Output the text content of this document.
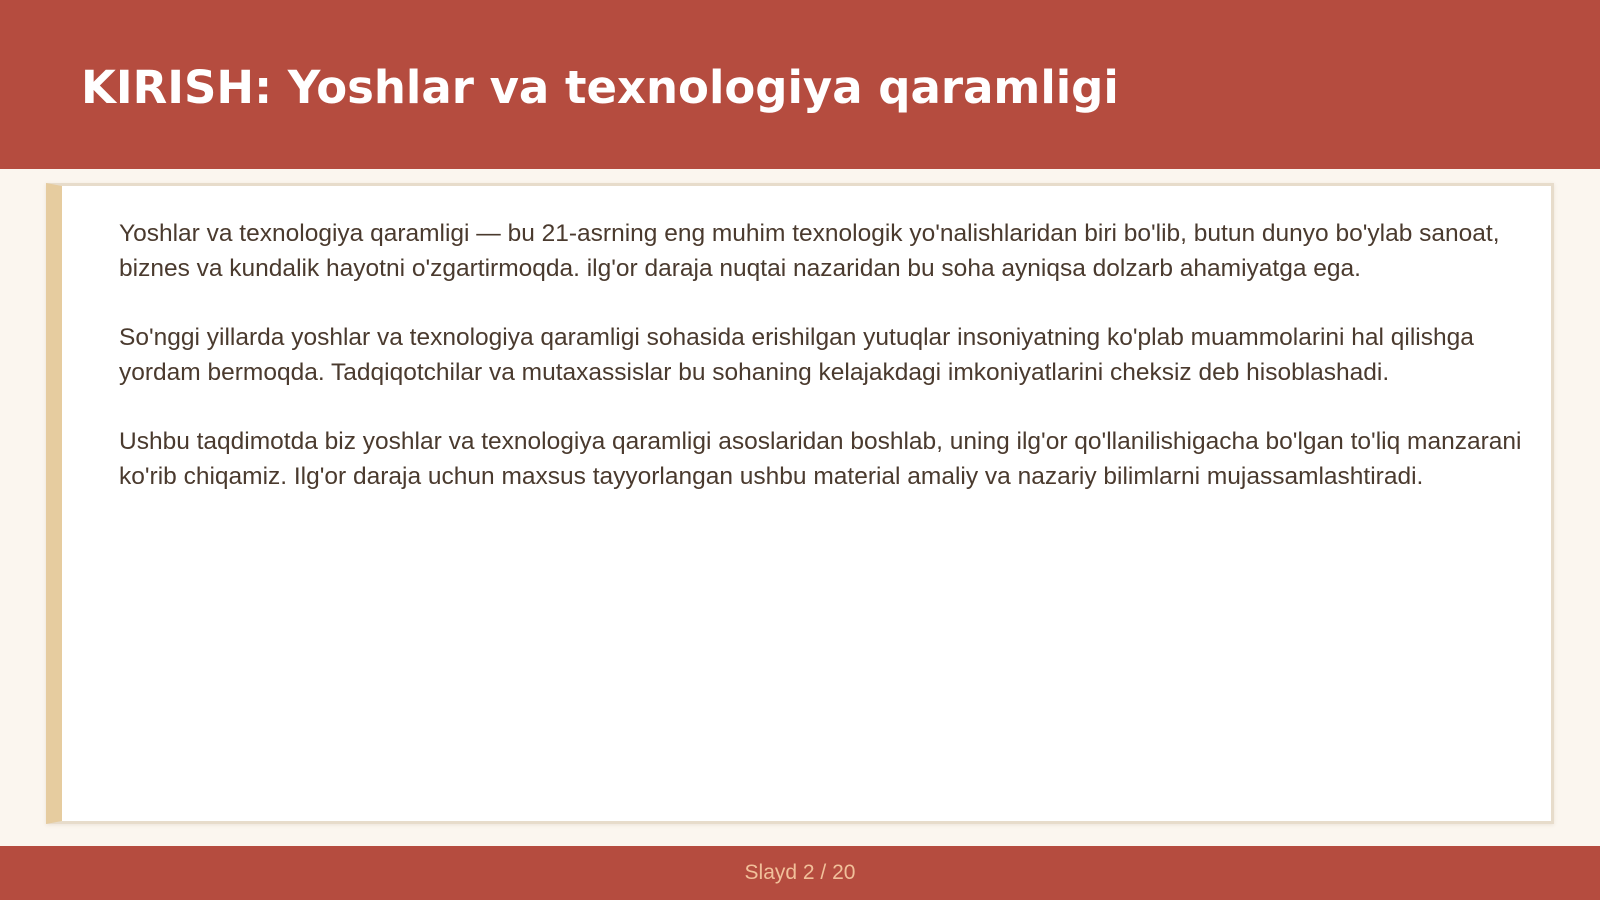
KIRISH: Yoshlar va texnologiya qaramligi

Yoshlar va texnologiya qaramligi — bu 21-asrning eng muhim texnologik yo'nalishlaridan biri bo'lib, butun dunyo bo'ylab sanoat, biznes va kundalik hayotni o'zgartirmoqda. ilg'or daraja nuqtai nazaridan bu soha ayniqsa dolzarb ahamiyatga ega.

So'nggi yillarda yoshlar va texnologiya qaramligi sohasida erishilgan yutuqlar insoniyatning ko'plab muammolarini hal qilishga yordam bermoqda. Tadqiqotchilar va mutaxassislar bu sohaning kelajakdagi imkoniyatlarini cheksiz deb hisoblashadi.

Ushbu taqdimotda biz yoshlar va texnologiya qaramligi asoslaridan boshlab, uning ilg'or qo'llanilishigacha bo'lgan to'liq manzarani ko'rib chiqamiz. Ilg'or daraja uchun maxsus tayyorlangan ushbu material amaliy va nazariy bilimlarni mujassamlashtiradi.

Slayd 2 / 20
